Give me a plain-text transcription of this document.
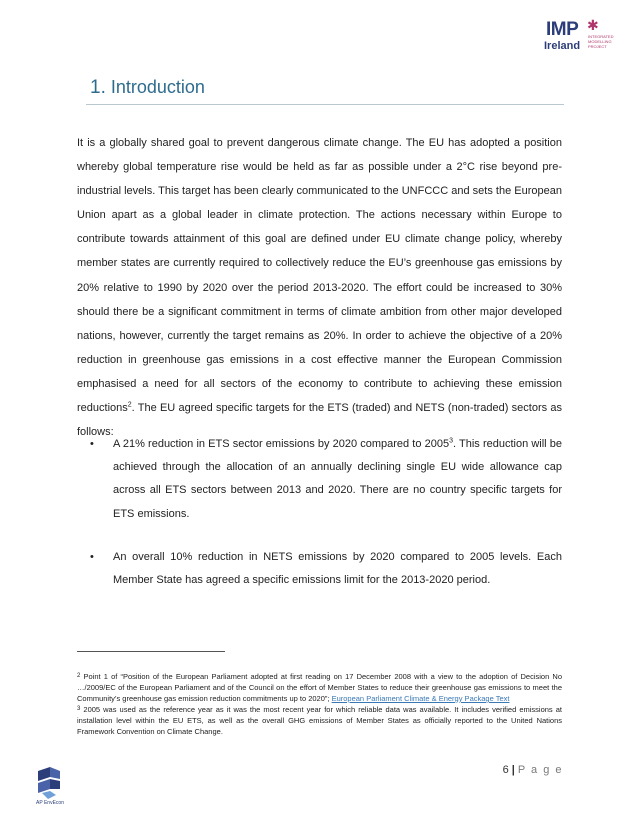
IMP ✱
INTEGRATED
MODELLING
PROJECT
Ireland
1. Introduction
It is a globally shared goal to prevent dangerous climate change. The EU has adopted a position whereby global temperature rise would be held as far as possible under a 2°C rise beyond pre-industrial levels. This target has been clearly communicated to the UNFCCC and sets the European Union apart as a global leader in climate protection. The actions necessary within Europe to contribute towards attainment of this goal are defined under EU climate change policy, whereby member states are currently required to collectively reduce the EU’s greenhouse gas emissions by 20% relative to 1990 by 2020 over the period 2013-2020. The effort could be increased to 30% should there be a significant commitment in terms of climate ambition from other major developed nations, however, currently the target remains as 20%. In order to achieve the objective of a 20% reduction in greenhouse gas emissions in a cost effective manner the European Commission emphasised a need for all sectors of the economy to contribute to achieving these emission reductions$^2$. The EU agreed specific targets for the ETS (traded) and NETS (non-traded) sectors as follows:
• A 21% reduction in ETS sector emissions by 2020 compared to 2005$^3$. This reduction will be achieved through the allocation of an annually declining single EU wide allowance cap across all ETS sectors between 2013 and 2020. There are no country specific targets for ETS emissions.
• An overall 10% reduction in NETS emissions by 2020 compared to 2005 levels. Each Member State has agreed a specific emissions limit for the 2013-2020 period.

$^2$ Point 1 of “Position of the European Parliament adopted at first reading on 17 December 2008 with a view to the adoption of Decision No …/2009/EC of the European Parliament and of the Council on the effort of Member States to reduce their greenhouse gas emissions to meet the Community’s greenhouse gas emission reduction commitments up to 2020”; European Parliament Climate & Energy Package Text

$^3$ 2005 was used as the reference year as it was the most recent year for which reliable data was available. It includes verified emissions at installation level within the EU ETS, as well as the overall GHG emissions of Member States as officially reported to the United Nations Framework Convention on Climate Change.

6 | P a g e
AP EnvEcon
